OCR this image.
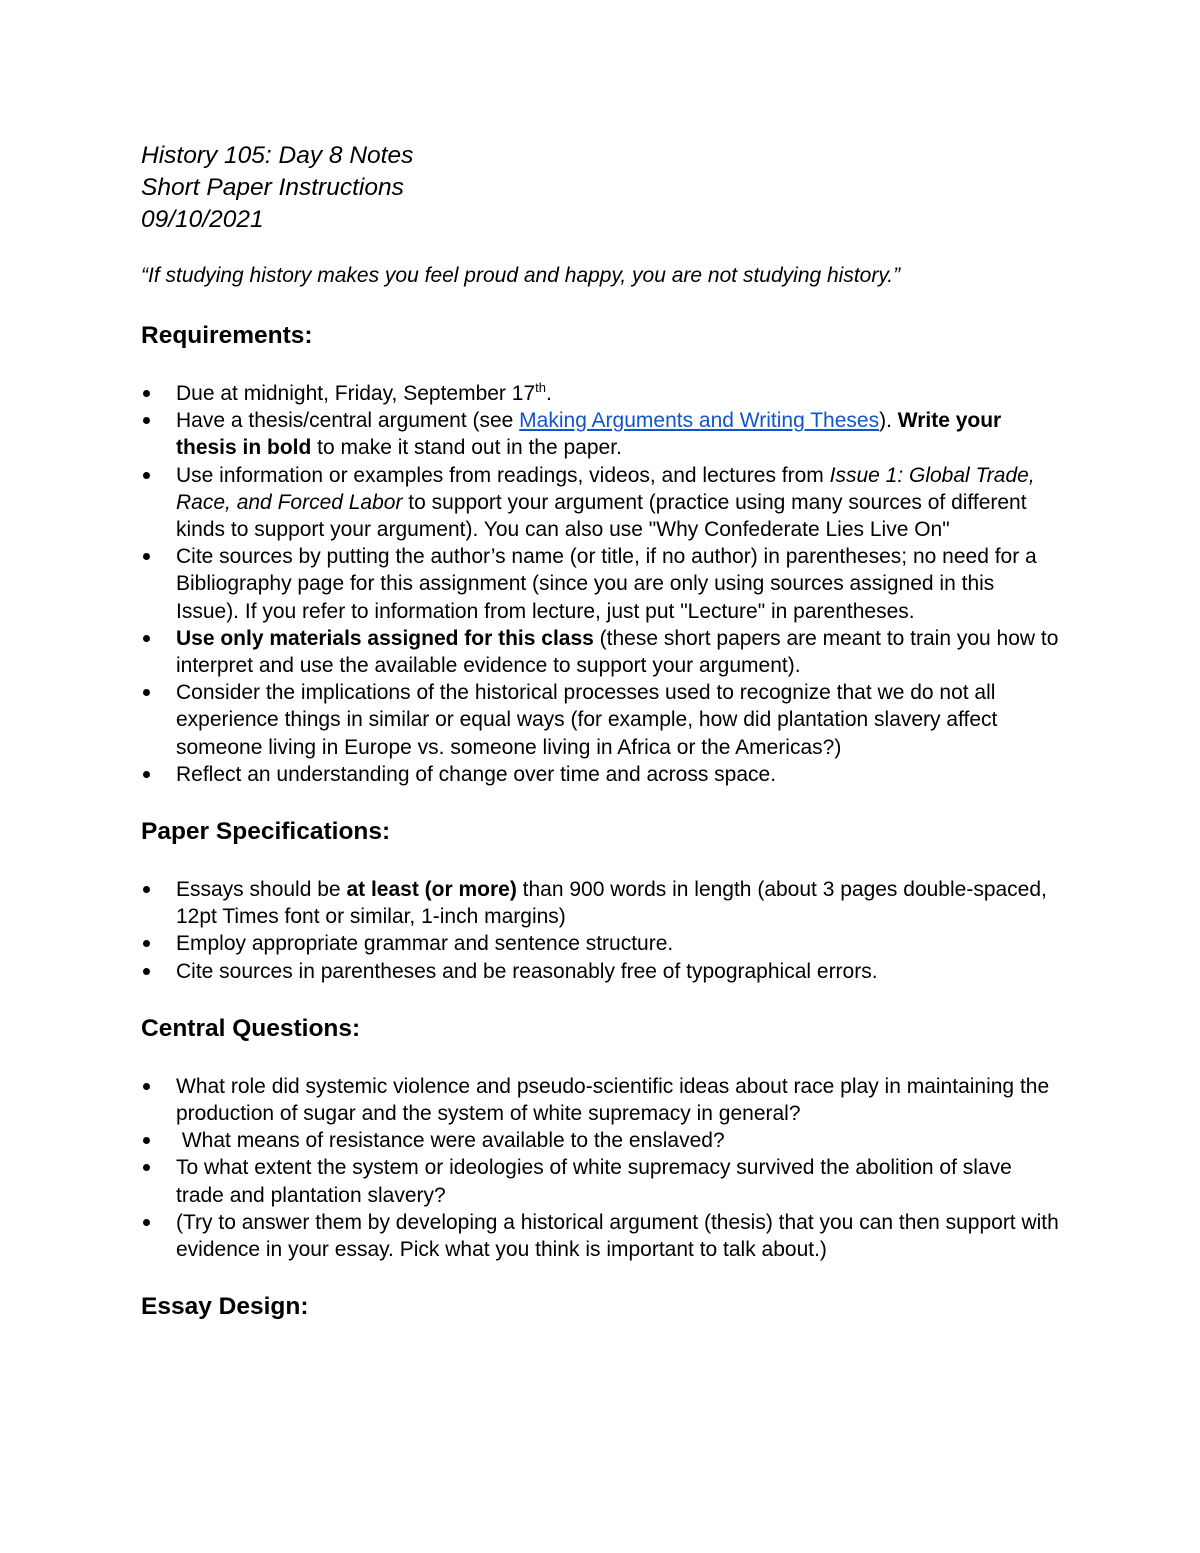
History 105: Day 8 Notes

Short Paper Instructions

09/10/2021

“If studying history makes you feel proud and happy, you are not studying history.”

Requirements:
Due at midnight, Friday, September 17th.
Have a thesis/central argument (see Making Arguments and Writing Theses). Write your thesis in bold to make it stand out in the paper.
Use information or examples from readings, videos, and lectures from Issue 1: Global Trade, Race, and Forced Labor to support your argument (practice using many sources of different kinds to support your argument). You can also use "Why Confederate Lies Live On"
Cite sources by putting the author’s name (or title, if no author) in parentheses; no need for a Bibliography page for this assignment (since you are only using sources assigned in this Issue). If you refer to information from lecture, just put "Lecture" in parentheses.
Use only materials assigned for this class (these short papers are meant to train you how to interpret and use the available evidence to support your argument).
Consider the implications of the historical processes used to recognize that we do not all experience things in similar or equal ways (for example, how did plantation slavery affect someone living in Europe vs. someone living in Africa or the Americas?)
Reflect an understanding of change over time and across space.
Paper Specifications:
Essays should be at least (or more) than 900 words in length (about 3 pages double-spaced, 12pt Times font or similar, 1-inch margins)
Employ appropriate grammar and sentence structure.
Cite sources in parentheses and be reasonably free of typographical errors.
Central Questions:
What role did systemic violence and pseudo-scientific ideas about race play in maintaining the production of sugar and the system of white supremacy in general?
What means of resistance were available to the enslaved?
To what extent the system or ideologies of white supremacy survived the abolition of slave trade and plantation slavery?
(Try to answer them by developing a historical argument (thesis) that you can then support with evidence in your essay. Pick what you think is important to talk about.)
Essay Design:
